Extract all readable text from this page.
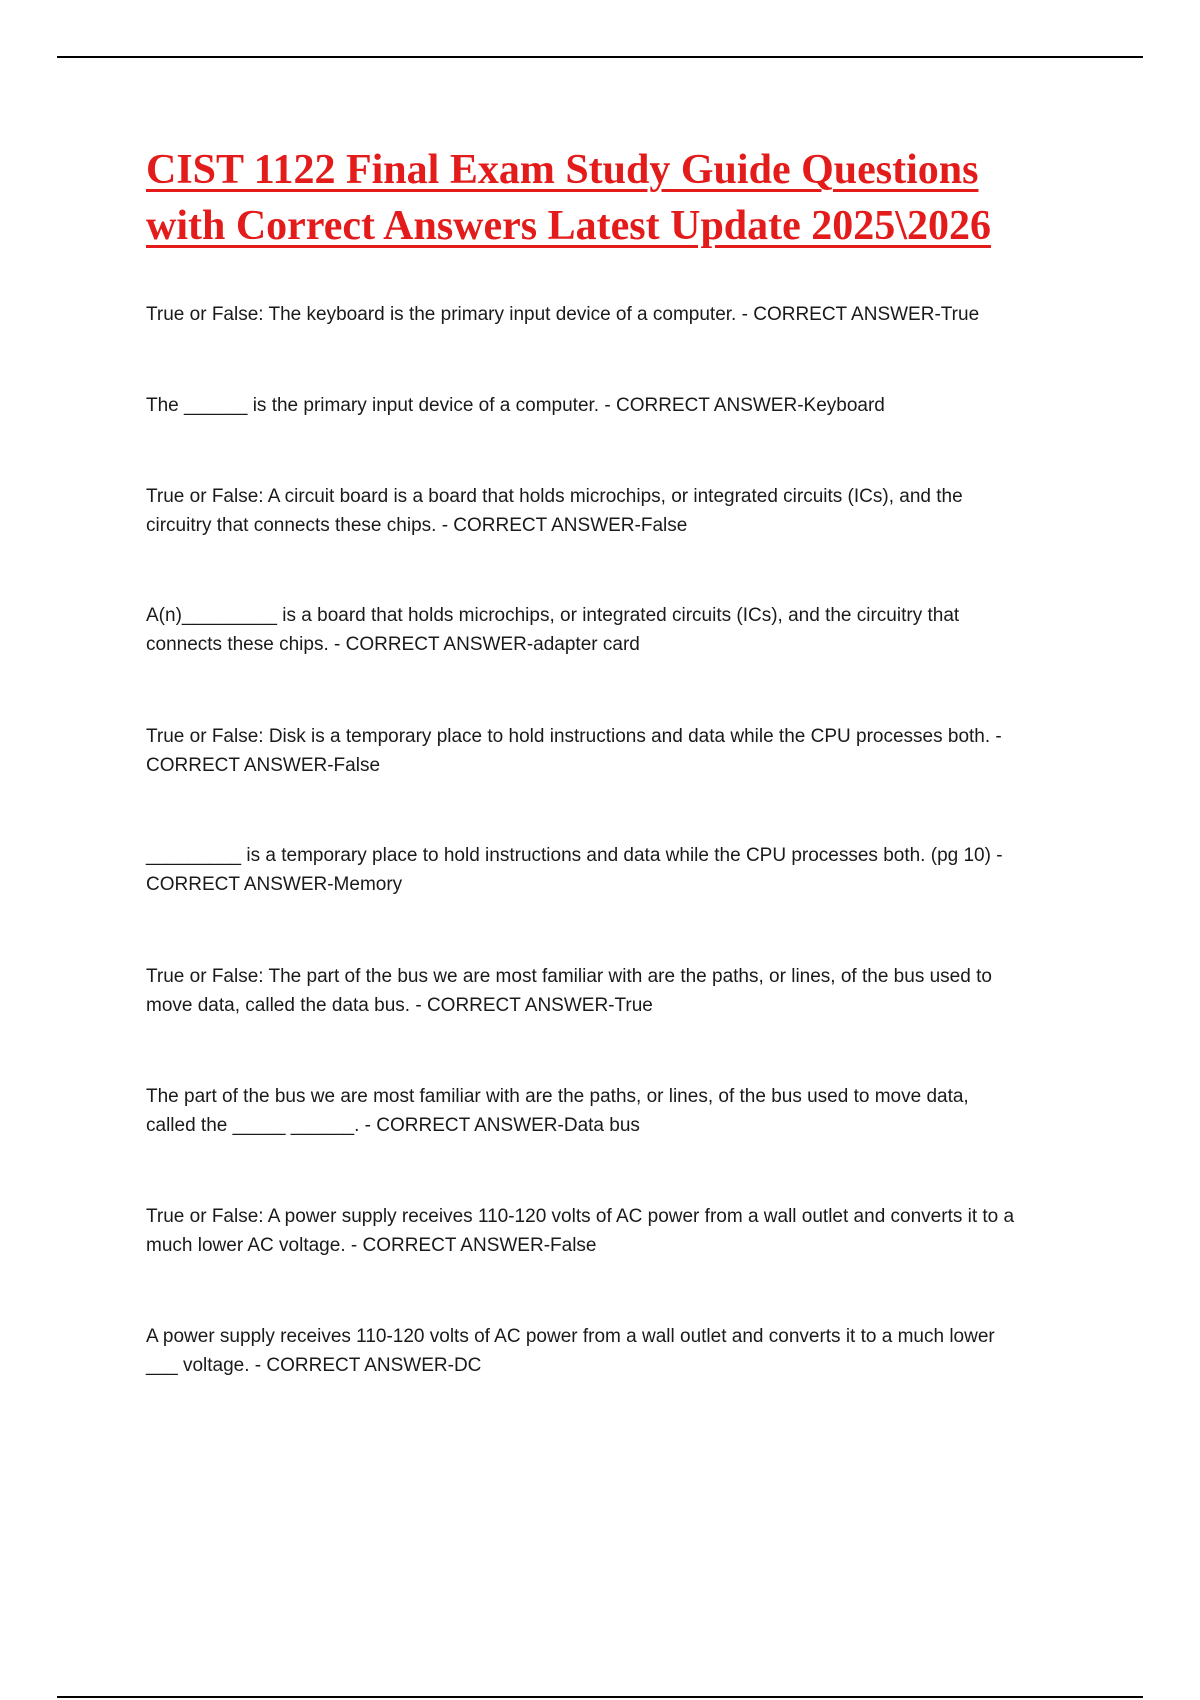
CIST 1122 Final Exam Study Guide Questions
with Correct Answers Latest Update 2025\2026

True or False: The keyboard is the primary input device of a computer. - CORRECT ANSWER-True

The ______ is the primary input device of a computer. - CORRECT ANSWER-Keyboard

True or False: A circuit board is a board that holds microchips, or integrated circuits (ICs), and the
circuitry that connects these chips. - CORRECT ANSWER-False

A(n)_________ is a board that holds microchips, or integrated circuits (ICs), and the circuitry that
connects these chips. - CORRECT ANSWER-adapter card

True or False: Disk is a temporary place to hold instructions and data while the CPU processes both. -
CORRECT ANSWER-False

_________ is a temporary place to hold instructions and data while the CPU processes both. (pg 10) -
CORRECT ANSWER-Memory

True or False: The part of the bus we are most familiar with are the paths, or lines, of the bus used to
move data, called the data bus. - CORRECT ANSWER-True

The part of the bus we are most familiar with are the paths, or lines, of the bus used to move data,
called the _____ ______. - CORRECT ANSWER-Data bus

True or False: A power supply receives 110-120 volts of AC power from a wall outlet and converts it to a
much lower AC voltage. - CORRECT ANSWER-False

A power supply receives 110-120 volts of AC power from a wall outlet and converts it to a much lower
___ voltage. - CORRECT ANSWER-DC
